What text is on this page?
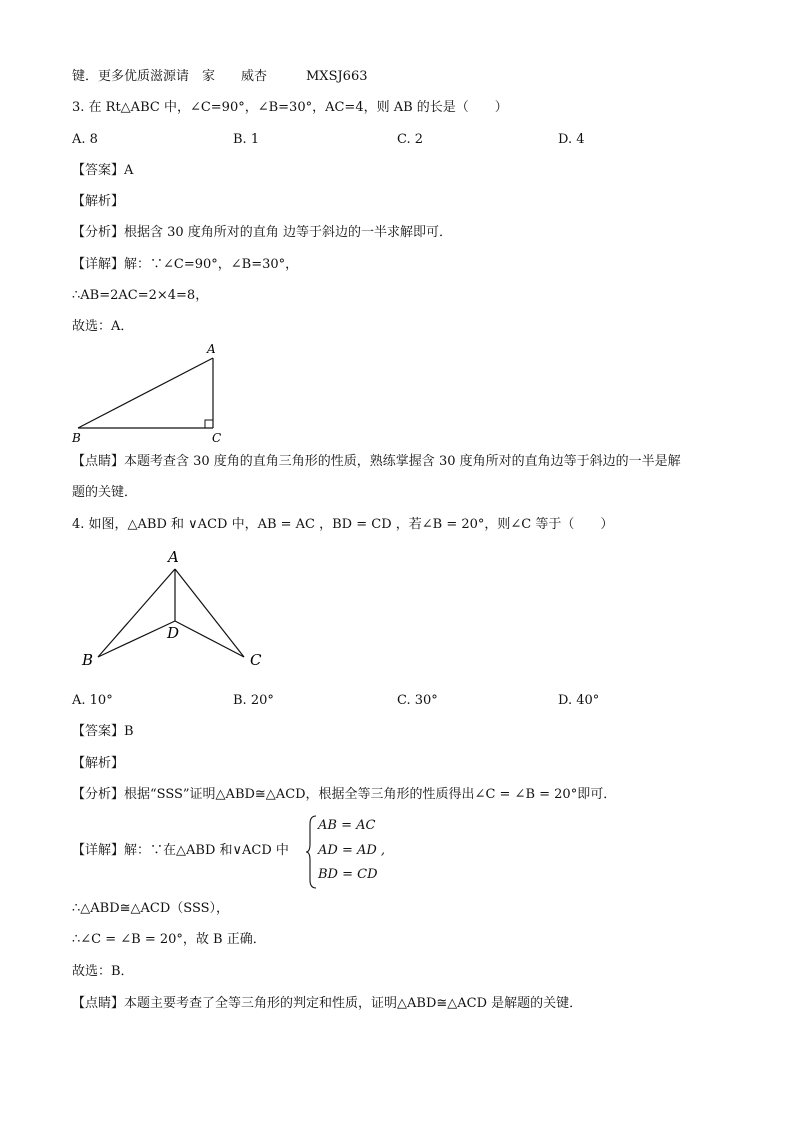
键．更多优质滋源请　家　　威杏　　　MXSJ663
3. 在 Rt△ABC 中，∠C=90°，∠B=30°，AC=4，则 AB 的长是（　　）
A. 8	B. 1	C. 2	D. 4
【答案】A
【解析】
【分析】根据含 30 度角所对的直角 边等于斜边的一半求解即可．
【详解】解：∵∠C=90°，∠B=30°，
∴AB=2AC=2×4=8，
故选：A．
A
B	C
【点睛】本题考查含 30 度角的直角三角形的性质，熟练掌握含 30 度角所对的直角边等于斜边的一半是解
题的关键．
4. 如图，△ABD 和 ∨ACD 中，AB = AC ，BD = CD ，若∠B = 20°，则∠C 等于（　　）
A
D
B	C
A. 10°	B. 20°	C. 30°	D. 40°
【答案】B
【解析】
【分析】根据“SSS”证明△ABD≅△ACD，根据全等三角形的性质得出∠C = ∠B = 20°即可．
【详解】解：∵在△ABD 和∨ACD 中
AB = AC
AD = AD ,
BD = CD
∴△ABD≅△ACD（SSS），
∴∠C = ∠B = 20°，故 B 正确．
故选：B．
【点睛】本题主要考查了全等三角形的判定和性质，证明△ABD≅△ACD 是解题的关键．
